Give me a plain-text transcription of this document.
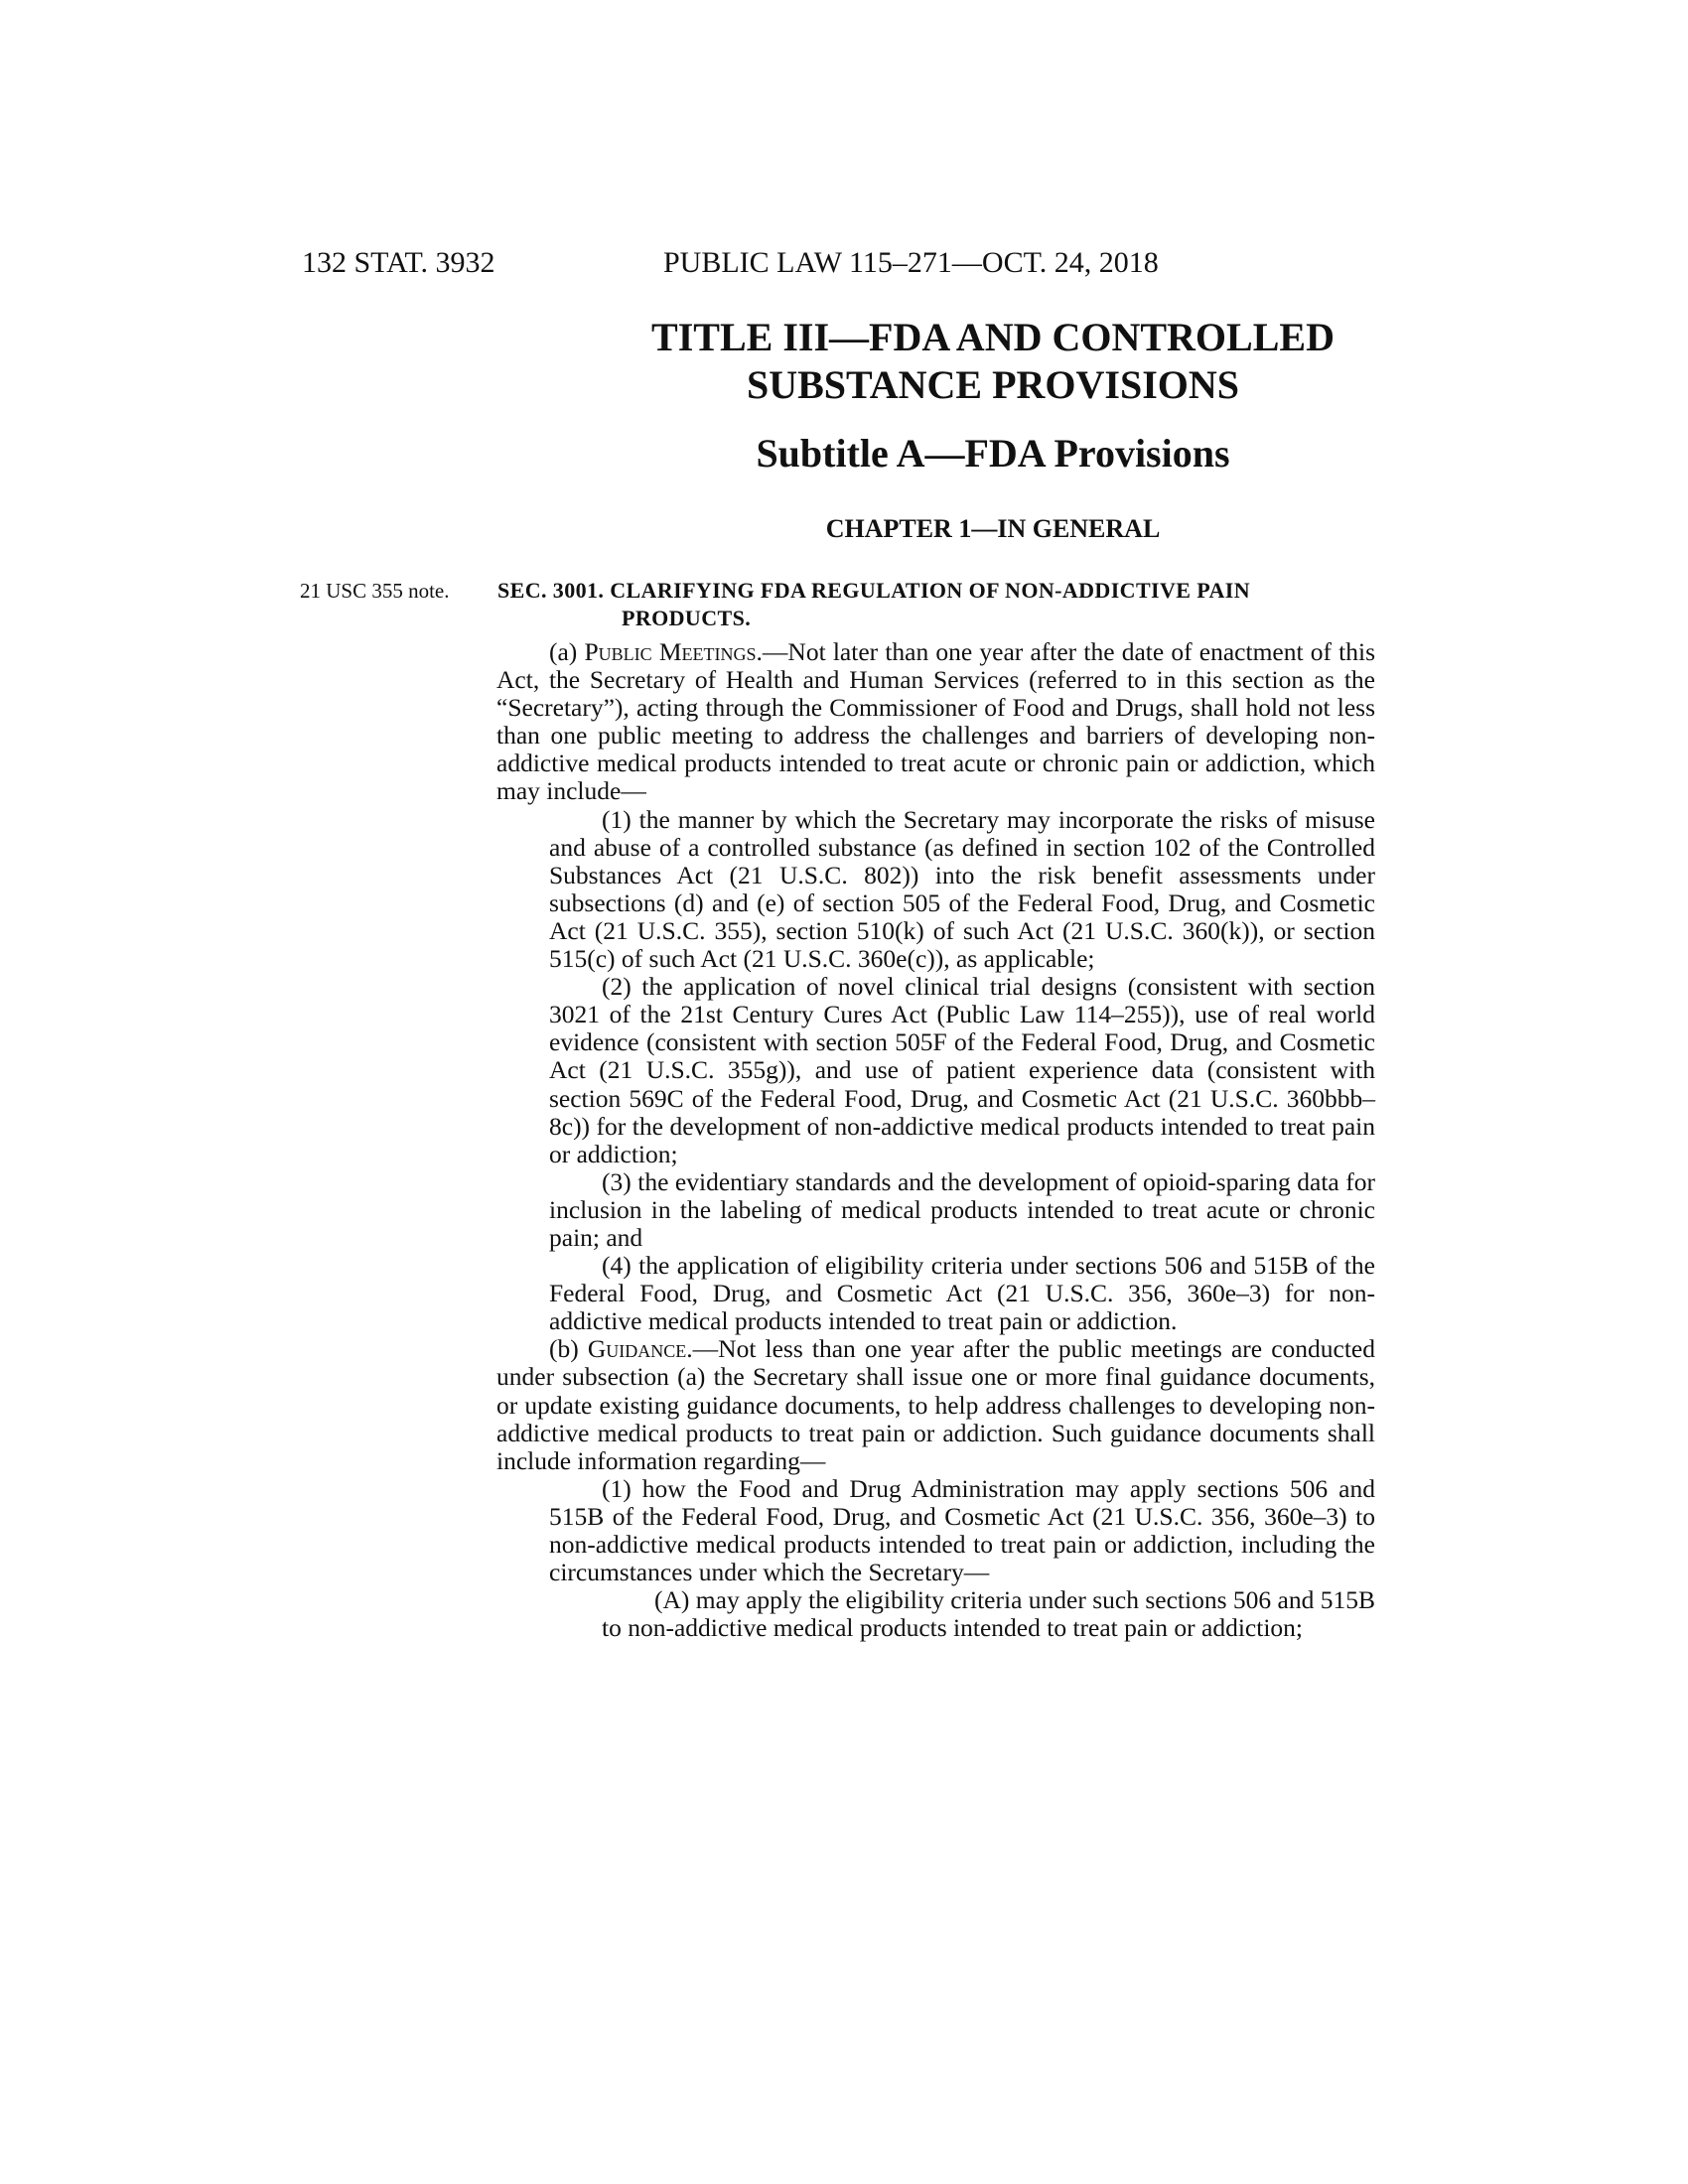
132 STAT. 3932	PUBLIC LAW 115–271—OCT. 24, 2018
TITLE III—FDA AND CONTROLLED
SUBSTANCE PROVISIONS
Subtitle A—FDA Provisions
CHAPTER 1—IN GENERAL
21 USC 355 note. SEC. 3001. CLARIFYING FDA REGULATION OF NON-ADDICTIVE PAIN
PRODUCTS.

(a) Public Meetings.—Not later than one year after the date of enactment of this Act, the Secretary of Health and Human Services (referred to in this section as the “Secretary”), acting through the Commissioner of Food and Drugs, shall hold not less than one public meeting to address the challenges and barriers of developing non-addictive medical products intended to treat acute or chronic pain or addiction, which may include—

(1) the manner by which the Secretary may incorporate the risks of misuse and abuse of a controlled substance (as defined in section 102 of the Controlled Substances Act (21 U.S.C. 802)) into the risk benefit assessments under subsections (d) and (e) of section 505 of the Federal Food, Drug, and Cosmetic Act (21 U.S.C. 355), section 510(k) of such Act (21 U.S.C. 360(k)), or section 515(c) of such Act (21 U.S.C. 360e(c)), as applicable;

(2) the application of novel clinical trial designs (consistent with section 3021 of the 21st Century Cures Act (Public Law 114–255)), use of real world evidence (consistent with section 505F of the Federal Food, Drug, and Cosmetic Act (21 U.S.C. 355g)), and use of patient experience data (consistent with section 569C of the Federal Food, Drug, and Cosmetic Act (21 U.S.C. 360bbb–8c)) for the development of non-addictive medical products intended to treat pain or addiction;

(3) the evidentiary standards and the development of opioid-sparing data for inclusion in the labeling of medical products intended to treat acute or chronic pain; and

(4) the application of eligibility criteria under sections 506 and 515B of the Federal Food, Drug, and Cosmetic Act (21 U.S.C. 356, 360e–3) for non-addictive medical products intended to treat pain or addiction.

(b) Guidance.—Not less than one year after the public meetings are conducted under subsection (a) the Secretary shall issue one or more final guidance documents, or update existing guidance documents, to help address challenges to developing non-addictive medical products to treat pain or addiction. Such guidance documents shall include information regarding—

(1) how the Food and Drug Administration may apply sections 506 and 515B of the Federal Food, Drug, and Cosmetic Act (21 U.S.C. 356, 360e–3) to non-addictive medical products intended to treat pain or addiction, including the circumstances under which the Secretary—

(A) may apply the eligibility criteria under such sections 506 and 515B to non-addictive medical products intended to treat pain or addiction;
